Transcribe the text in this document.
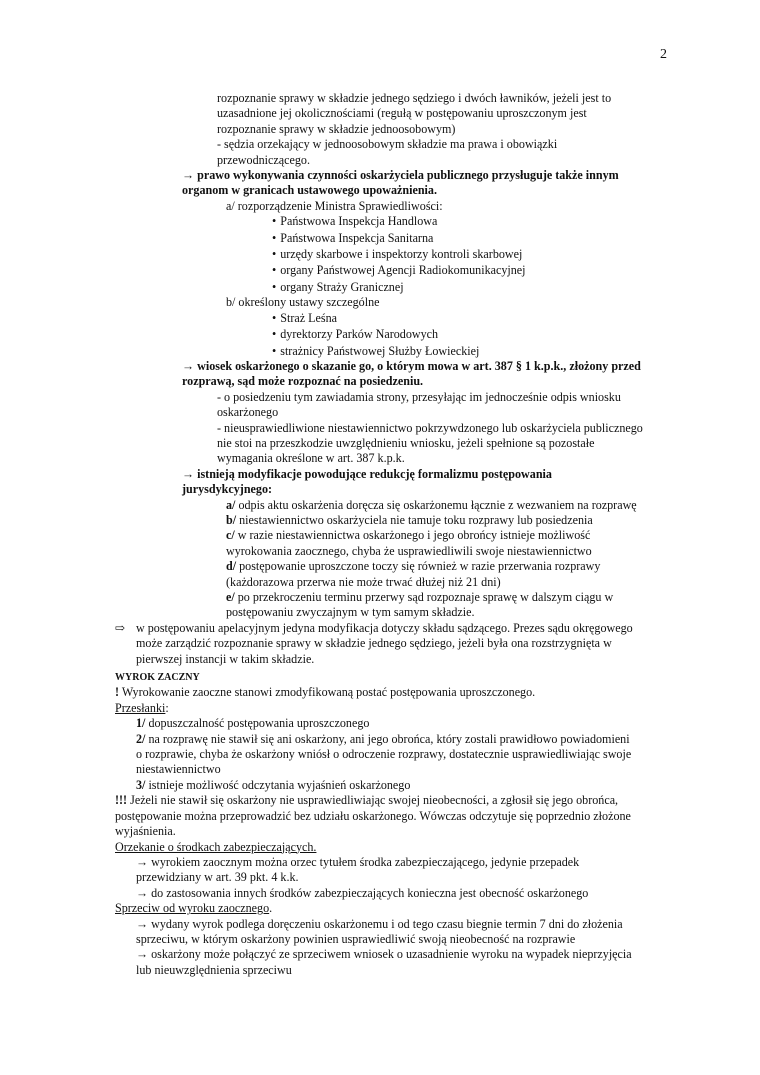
2
rozpoznanie sprawy w składzie jednego sędziego i dwóch ławników, jeżeli jest to
uzasadnione jej okolicznościami (regułą w postępowaniu uproszczonym jest
rozpoznanie sprawy w składzie jednoosobowym)
- sędzia orzekający w jednoosobowym składzie ma prawa i obowiązki
przewodniczącego.
→ prawo wykonywania czynności oskarżyciela publicznego przysługuje także innym
organom w granicach ustawowego upoważnienia.
a/ rozporządzenie Ministra Sprawiedliwości:
• Państwowa Inspekcja Handlowa
• Państwowa Inspekcja Sanitarna
• urzędy skarbowe i inspektorzy kontroli skarbowej
• organy Państwowej Agencji Radiokomunikacyjnej
• organy Straży Granicznej
b/ określony ustawy szczególne
• Straż Leśna
• dyrektorzy Parków Narodowych
• strażnicy Państwowej Służby Łowieckiej
→ wiosek oskarżonego o skazanie go, o którym mowa w art. 387 § 1 k.p.k., złożony przed
rozprawą, sąd może rozpoznać na posiedzeniu.
- o posiedzeniu tym zawiadamia strony, przesyłając im jednocześnie odpis wniosku
oskarżonego
- nieusprawiedliwione niestawiennictwo pokrzywdzonego lub oskarżyciela publicznego
nie stoi na przeszkodzie uwzględnieniu wniosku, jeżeli spełnione są pozostałe
wymagania określone w art. 387 k.p.k.
→ istnieją modyfikacje powodujące redukcję formalizmu postępowania
jurysdykcyjnego:
a/ odpis aktu oskarżenia doręcza się oskarżonemu łącznie z wezwaniem na rozprawę
b/ niestawiennictwo oskarżyciela nie tamuje toku rozprawy lub posiedzenia
c/ w razie niestawiennictwa oskarżonego i jego obrońcy istnieje możliwość
wyrokowania zaocznego, chyba że usprawiedliwili swoje niestawiennictwo
d/ postępowanie uproszczone toczy się również w razie przerwania rozprawy
(każdorazowa przerwa nie może trwać dłużej niż 21 dni)
e/ po przekroczeniu terminu przerwy sąd rozpoznaje sprawę w dalszym ciągu w
postępowaniu zwyczajnym w tym samym składzie.
⇨ w postępowaniu apelacyjnym jedyna modyfikacja dotyczy składu sądzącego. Prezes sądu okręgowego
może zarządzić rozpoznanie sprawy w składzie jednego sędziego, jeżeli była ona rozstrzygnięta w
pierwszej instancji w takim składzie.
WYROK ZACZNY
! Wyrokowanie zaoczne stanowi zmodyfikowaną postać postępowania uproszczonego.
Przesłanki:
1/ dopuszczalność postępowania uproszczonego
2/ na rozprawę nie stawił się ani oskarżony, ani jego obrońca, który zostali prawidłowo powiadomieni
o rozprawie, chyba że oskarżony wniósł o odroczenie rozprawy, dostatecznie usprawiedliwiając swoje
niestawiennictwo
3/ istnieje możliwość odczytania wyjaśnień oskarżonego
!!! Jeżeli nie stawił się oskarżony nie usprawiedliwiając swojej nieobecności, a zgłosił się jego obrońca,
postępowanie można przeprowadzić bez udziału oskarżonego. Wówczas odczytuje się poprzednio złożone
wyjaśnienia.
Orzekanie o środkach zabezpieczających.
→ wyrokiem zaocznym można orzec tytułem środka zabezpieczającego, jedynie przepadek
przewidziany w art. 39 pkt. 4 k.k.
→ do zastosowania innych środków zabezpieczających konieczna jest obecność oskarżonego
Sprzeciw od wyroku zaocznego.
→ wydany wyrok podlega doręczeniu oskarżonemu i od tego czasu biegnie termin 7 dni do złożenia
sprzeciwu, w którym oskarżony powinien usprawiedliwić swoją nieobecność na rozprawie
→ oskarżony może połączyć ze sprzeciwem wniosek o uzasadnienie wyroku na wypadek nieprzyjęcia
lub nieuwzględnienia sprzeciwu
